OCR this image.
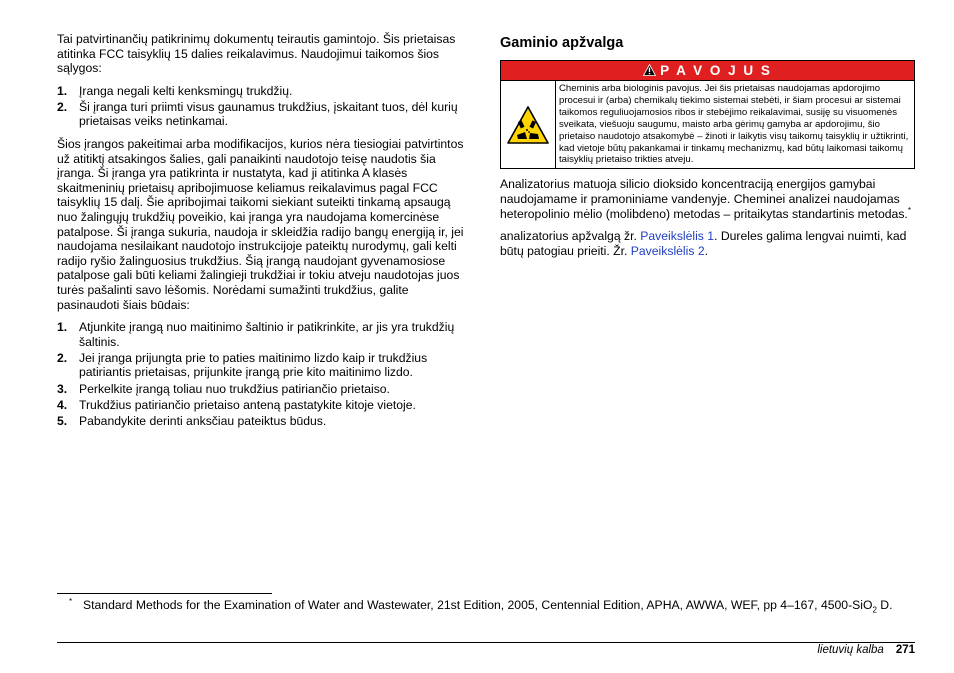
Tai patvirtinančių patikrinimų dokumentų teirautis gamintojo. Šis prietaisas atitinka FCC taisyklių 15 dalies reikalavimus. Naudojimui taikomos šios sąlygos:

1. Įranga negali kelti kenksmingų trukdžių.
2. Ši įranga turi priimti visus gaunamus trukdžius, įskaitant tuos, dėl kurių prietaisas veiks netinkamai.

Šios įrangos pakeitimai arba modifikacijos, kurios nėra tiesiogiai patvirtintos už atitiktį atsakingos šalies, gali panaikinti naudotojo teisę naudotis šia įranga. Ši įranga yra patikrinta ir nustatyta, kad ji atitinka A klasės skaitmeninių prietaisų apribojimuose keliamus reikalavimus pagal FCC taisyklių 15 dalį. Šie apribojimai taikomi siekiant suteikti tinkamą apsaugą nuo žalingųjų trukdžių poveikio, kai įranga yra naudojama komercinėse patalpose. Ši įranga sukuria, naudoja ir skleidžia radijo bangų energiją ir, jei naudojama nesilaikant naudotojo instrukcijoje pateiktų nurodymų, gali kelti radijo ryšio žalinguosius trukdžius. Šią įrangą naudojant gyvenamosiose patalpose gali būti keliami žalingieji trukdžiai ir tokiu atveju naudotojas juos turės pašalinti savo lėšomis. Norėdami sumažinti trukdžius, galite pasinaudoti šiais būdais:

1. Atjunkite įrangą nuo maitinimo šaltinio ir patikrinkite, ar jis yra trukdžių šaltinis.
2. Jei įranga prijungta prie to paties maitinimo lizdo kaip ir trukdžius patiriantis prietaisas, prijunkite įrangą prie kito maitinimo lizdo.
3. Perkelkite įrangą toliau nuo trukdžius patiriančio prietaiso.
4. Trukdžius patiriančio prietaiso anteną pastatykite kitoje vietoje.
5. Pabandykite derinti anksčiau pateiktus būdus.
Gaminio apžvalga
P A V O J U S
Cheminis arba biologinis pavojus. Jei šis prietaisas naudojamas apdorojimo procesui ir (arba) chemikalų tiekimo sistemai stebėti, ir šiam procesui ar sistemai taikomos reguliuojamosios ribos ir stebėjimo reikalavimai, susiję su visuomenės sveikata, viešuoju saugumu, maisto arba gėrimų gamyba ar apdorojimu, šio prietaiso naudotojo atsakomybė – žinoti ir laikytis visų taikomų taisyklių ir užtikrinti, kad vietoje būtų pakankamai ir tinkamų mechanizmų, kad būtų laikomasi taikomų taisyklių prietaiso trikties atveju.

Analizatorius matuoja silicio dioksido koncentraciją energijos gamybai naudojamame ir pramoniniame vandenyje. Cheminei analizei naudojamas heteropolinio mėlio (molibdeno) metodas – pritaikytas standartinis metodas.*

analizatorius apžvalgą žr. Paveikslėlis 1. Dureles galima lengvai nuimti, kad būtų patogiau prieiti. Žr. Paveikslėlis 2.

* Standard Methods for the Examination of Water and Wastewater, 21st Edition, 2005, Centennial Edition, APHA, AWWA, WEF, pp 4–167, 4500-SiO$_2$ D.
lietuvių kalba 271
